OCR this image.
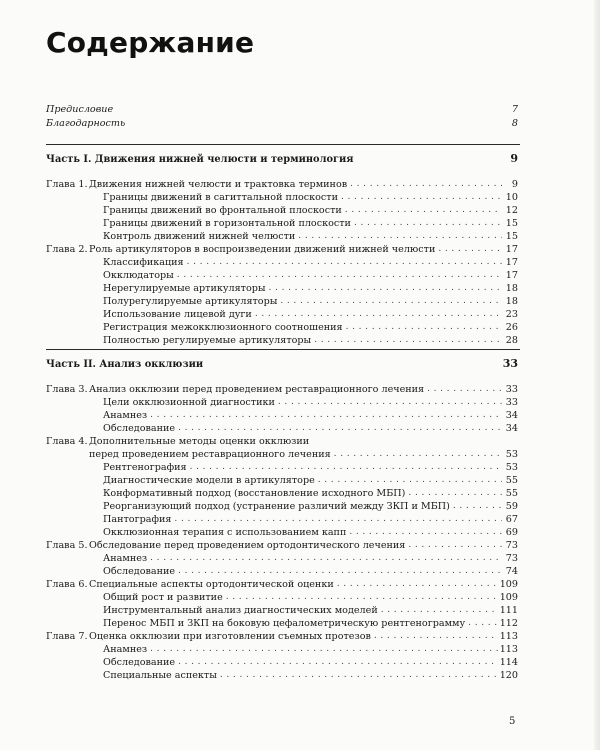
Содержание
Предисловие	7
Благодарность	8
Часть I. Движения нижней челюсти и терминология	9
Глава 1. Движения нижней челюсти и трактовка терминов . . .	9
Границы движений в сагиттальной плоскости . . .	10
Границы движений во фронтальной плоскости . . .	12
Границы движений в горизонтальной плоскости . . .	15
Контроль движений нижней челюсти . . .	15
Глава 2. Роль артикуляторов в воспроизведении движений нижней челюсти . . .	17
Классификация . . .	17
Окклюдаторы . . .	17
Нерегулируемые артикуляторы . . .	18
Полурегулируемые артикуляторы . . .	18
Использование лицевой дуги . . .	23
Регистрация межокклюзионного соотношения . . .	26
Полностью регулируемые артикуляторы . . .	28
Часть II. Анализ окклюзии	33
Глава 3. Анализ окклюзии перед проведением реставрационного лечения . . .	33
Цели окклюзионной диагностики . . .	33
Анамнез . . .	34
Обследование . . .	34
Глава 4. Дополнительные методы оценки окклюзии
перед проведением реставрационного лечения . . .	53
Рентгенография . . .	53
Диагностические модели в артикуляторе . . .	55
Конформативный подход (восстановление исходного МБП) . . .	55
Реорганизующий подход (устранение различий между ЗКП и МБП) . . .	59
Пантография . . .	67
Окклюзионная терапия с использованием капп . . .	69
Глава 5. Обследование перед проведением ортодонтического лечения . . .	73
Анамнез . . .	73
Обследование . . .	74
Глава 6. Специальные аспекты ортодонтической оценки . . .	109
Общий рост и развитие . . .	109
Инструментальный анализ диагностических моделей . . .	111
Перенос МБП и ЗКП на боковую цефалометрическую рентгенограмму . . .	112
Глава 7. Оценка окклюзии при изготовлении съемных протезов . . .	113
Анамнез . . .	113
Обследование . . .	114
Специальные аспекты . . .	120
5
